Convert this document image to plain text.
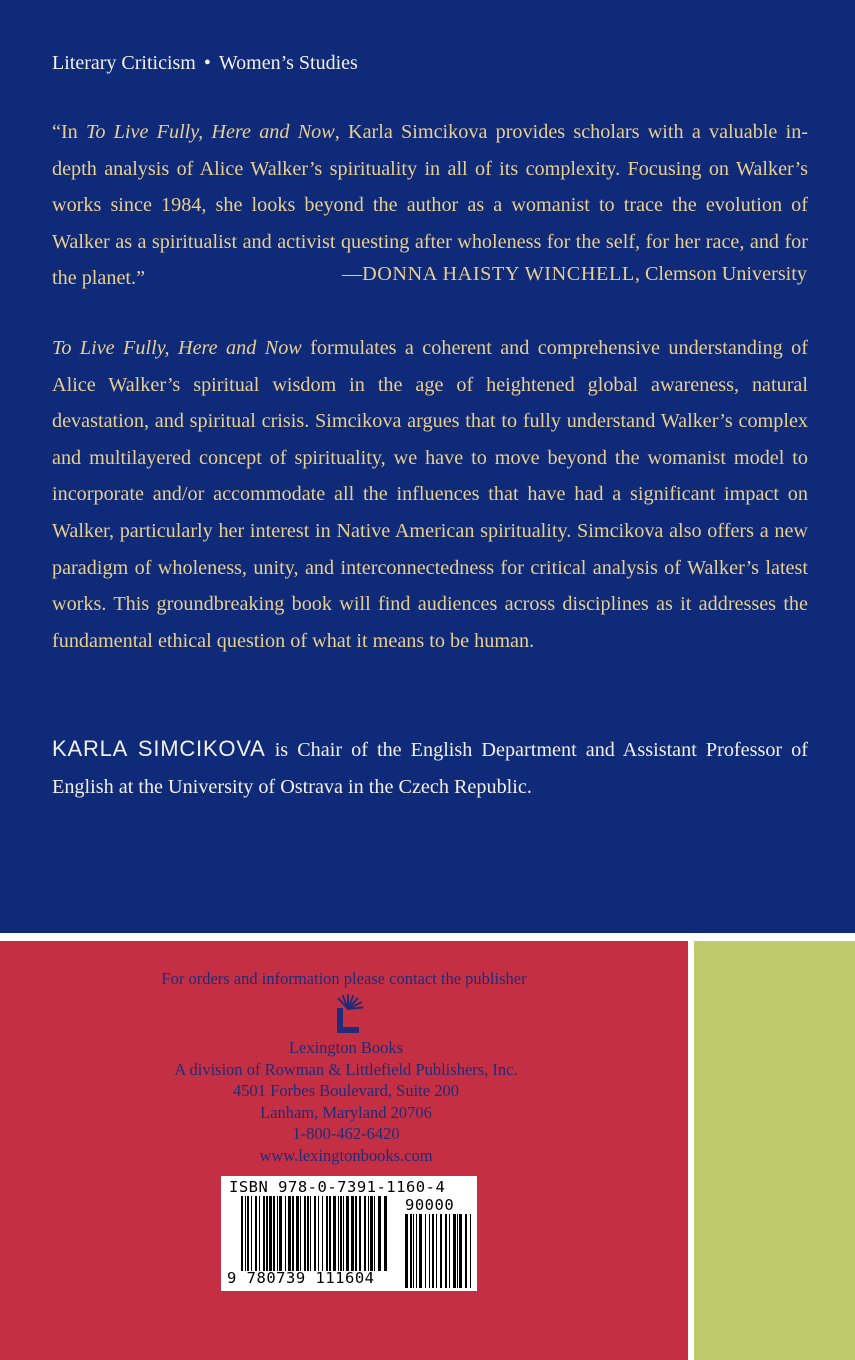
Literary Criticism • Women’s Studies
“In To Live Fully, Here and Now, Karla Simcikova provides scholars with a valuable in-depth analysis of Alice Walker’s spirituality in all of its complexity. Focusing on Walker’s works since 1984, she looks beyond the author as a womanist to trace the evolution of Walker as a spiritualist and activist questing after wholeness for the self, for her race, and for the planet.”	—DONNA HAISTY WINCHELL, Clemson University
To Live Fully, Here and Now formulates a coherent and comprehensive understanding of Alice Walker’s spiritual wisdom in the age of heightened global awareness, natural devastation, and spiritual crisis. Simcikova argues that to fully understand Walker’s complex and multilayered concept of spirituality, we have to move beyond the womanist model to incorporate and/or accommodate all the influences that have had a significant impact on Walker, particularly her interest in Native American spirituality. Simcikova also offers a new paradigm of wholeness, unity, and interconnectedness for critical analysis of Walker’s latest works. This groundbreaking book will find audiences across disciplines as it addresses the fundamental ethical question of what it means to be human.
KARLA SIMCIKOVA is Chair of the English Department and Assistant Professor of English at the University of Ostrava in the Czech Republic.
For orders and information please contact the publisher
Lexington Books
A division of Rowman & Littlefield Publishers, Inc.
4501 Forbes Boulevard, Suite 200
Lanham, Maryland 20706
1-800-462-6420
www.lexingtonbooks.com
ISBN 978-0-7391-1160-4
90000
9 780739 111604
